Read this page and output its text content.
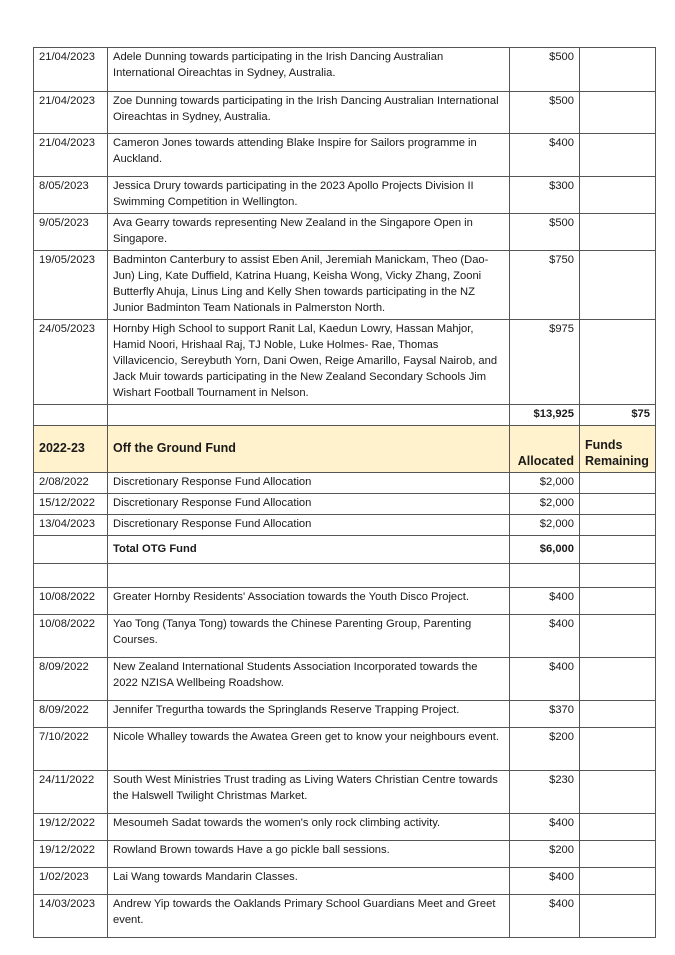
21/04/2023	Adele Dunning towards participating in the Irish Dancing Australian International Oireachtas in Sydney, Australia.	$500	
21/04/2023	Zoe Dunning towards participating in the Irish Dancing Australian International Oireachtas in Sydney, Australia.	$500	
21/04/2023	Cameron Jones towards attending Blake Inspire for Sailors programme in Auckland.	$400	
8/05/2023	Jessica Drury towards participating in the 2023 Apollo Projects Division II Swimming Competition in Wellington.	$300	
9/05/2023	Ava Gearry towards representing New Zealand in the Singapore Open in Singapore.	$500	
19/05/2023	Badminton Canterbury to assist Eben Anil, Jeremiah Manickam, Theo (Dao-Jun) Ling, Kate Duffield, Katrina Huang, Keisha Wong, Vicky Zhang, Zooni Butterfly Ahuja, Linus Ling and Kelly Shen towards participating in the NZ Junior Badminton Team Nationals in Palmerston North.	$750	
24/05/2023	Hornby High School to support Ranit Lal, Kaedun Lowry, Hassan Mahjor, Hamid Noori, Hrishaal Raj, TJ Noble, Luke Holmes- Rae, Thomas Villavicencio, Sereybuth Yorn, Dani Owen, Reige Amarillo, Faysal Nairob, and Jack Muir towards participating in the New Zealand Secondary Schools Jim Wishart Football Tournament in Nelson.	$975	
		$13,925	$75
2022-23	Off the Ground Fund	Allocated	Funds Remaining
2/08/2022	Discretionary Response Fund Allocation	$2,000	
15/12/2022	Discretionary Response Fund Allocation	$2,000	
13/04/2023	Discretionary Response Fund Allocation	$2,000	
	Total OTG Fund	$6,000	

10/08/2022	Greater Hornby Residents' Association towards the Youth Disco Project.	$400	
10/08/2022	Yao Tong (Tanya Tong) towards the Chinese Parenting Group, Parenting Courses.	$400	
8/09/2022	New Zealand International Students Association Incorporated towards the 2022 NZISA Wellbeing Roadshow.	$400	
8/09/2022	Jennifer Tregurtha towards the Springlands Reserve Trapping Project.	$370	
7/10/2022	Nicole Whalley towards the Awatea Green get to know your neighbours event.	$200	
24/11/2022	South West Ministries Trust trading as Living Waters Christian Centre towards the Halswell Twilight Christmas Market.	$230	
19/12/2022	Mesoumeh Sadat towards the women's only rock climbing activity.	$400	
19/12/2022	Rowland Brown towards Have a go pickle ball sessions.	$200	
1/02/2023	Lai Wang towards Mandarin Classes.	$400	
14/03/2023	Andrew Yip towards the Oaklands Primary School Guardians Meet and Greet event.	$400	
